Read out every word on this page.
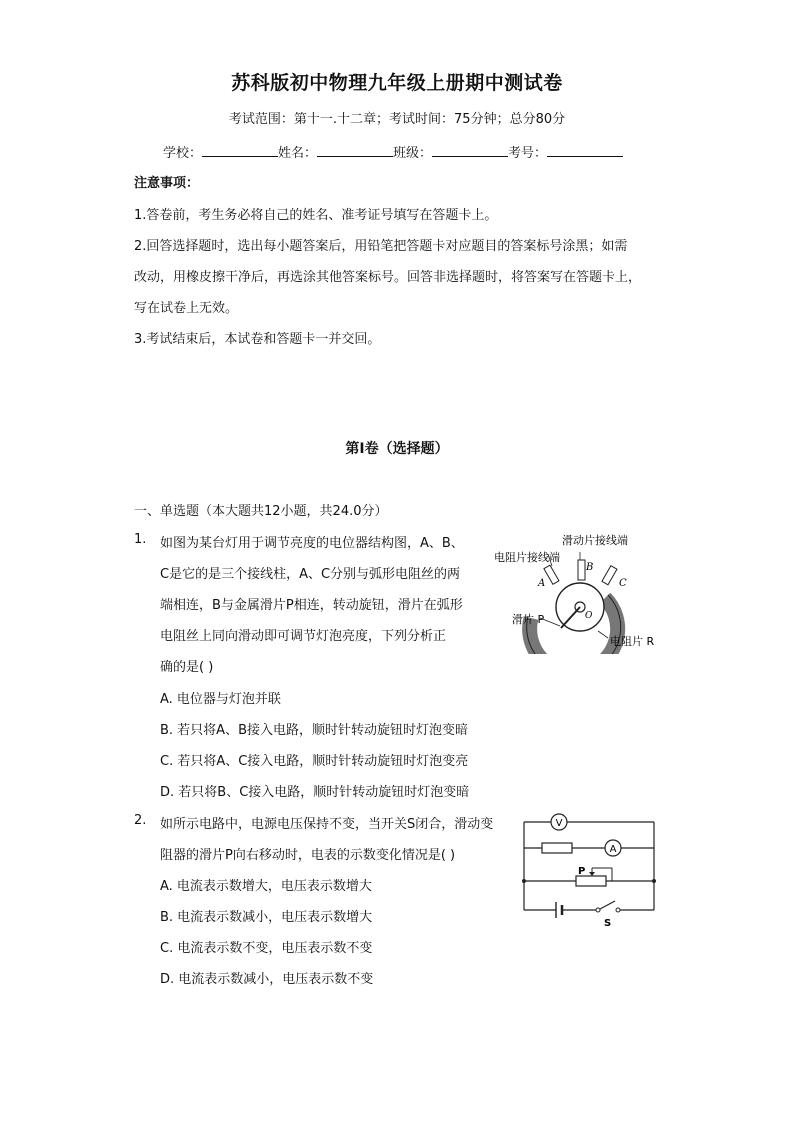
苏科版初中物理九年级上册期中测试卷
考试范围：第十一.十二章；考试时间：75分钟；总分80分
学校：	姓名：	班级：	考号：
注意事项：
1.答卷前，考生务必将自己的姓名、准考证号填写在答题卡上。
2.回答选择题时，选出每小题答案后，用铅笔把答题卡对应题目的答案标号涂黑；如需
改动，用橡皮擦干净后，再选涂其他答案标号。回答非选择题时，将答案写在答题卡上，
写在试卷上无效。
3.考试结束后，本试卷和答题卡一并交回。
第I卷（选择题）
一、单选题（本大题共12小题，共24.0分）
1. 如图为某台灯用于调节亮度的电位器结构图，A、B、
C是它的是三个接线柱，A、C分别与弧形电阻丝的两
端相连，B与金属滑片P相连，转动旋钮，滑片在弧形
电阻丝上同向滑动即可调节灯泡亮度，下列分析正
确的是( )
A. 电位器与灯泡并联
B. 若只将A、B接入电路，顺时针转动旋钮时灯泡变暗
C. 若只将A、C接入电路，顺时针转动旋钮时灯泡变亮
D. 若只将B、C接入电路，顺时针转动旋钮时灯泡变暗
滑动片接线端
电阻片接线端
滑片 P
电阻片 R
A
B
C
O
2. 如所示电路中，电源电压保持不变，当开关S闭合，滑动变
阻器的滑片P向右移动时，电表的示数变化情况是( )
A. 电流表示数增大，电压表示数增大
B. 电流表示数减小，电压表示数增大
C. 电流表示数不变，电压表示数不变
D. 电流表示数减小，电压表示数不变
V
A
P
S
